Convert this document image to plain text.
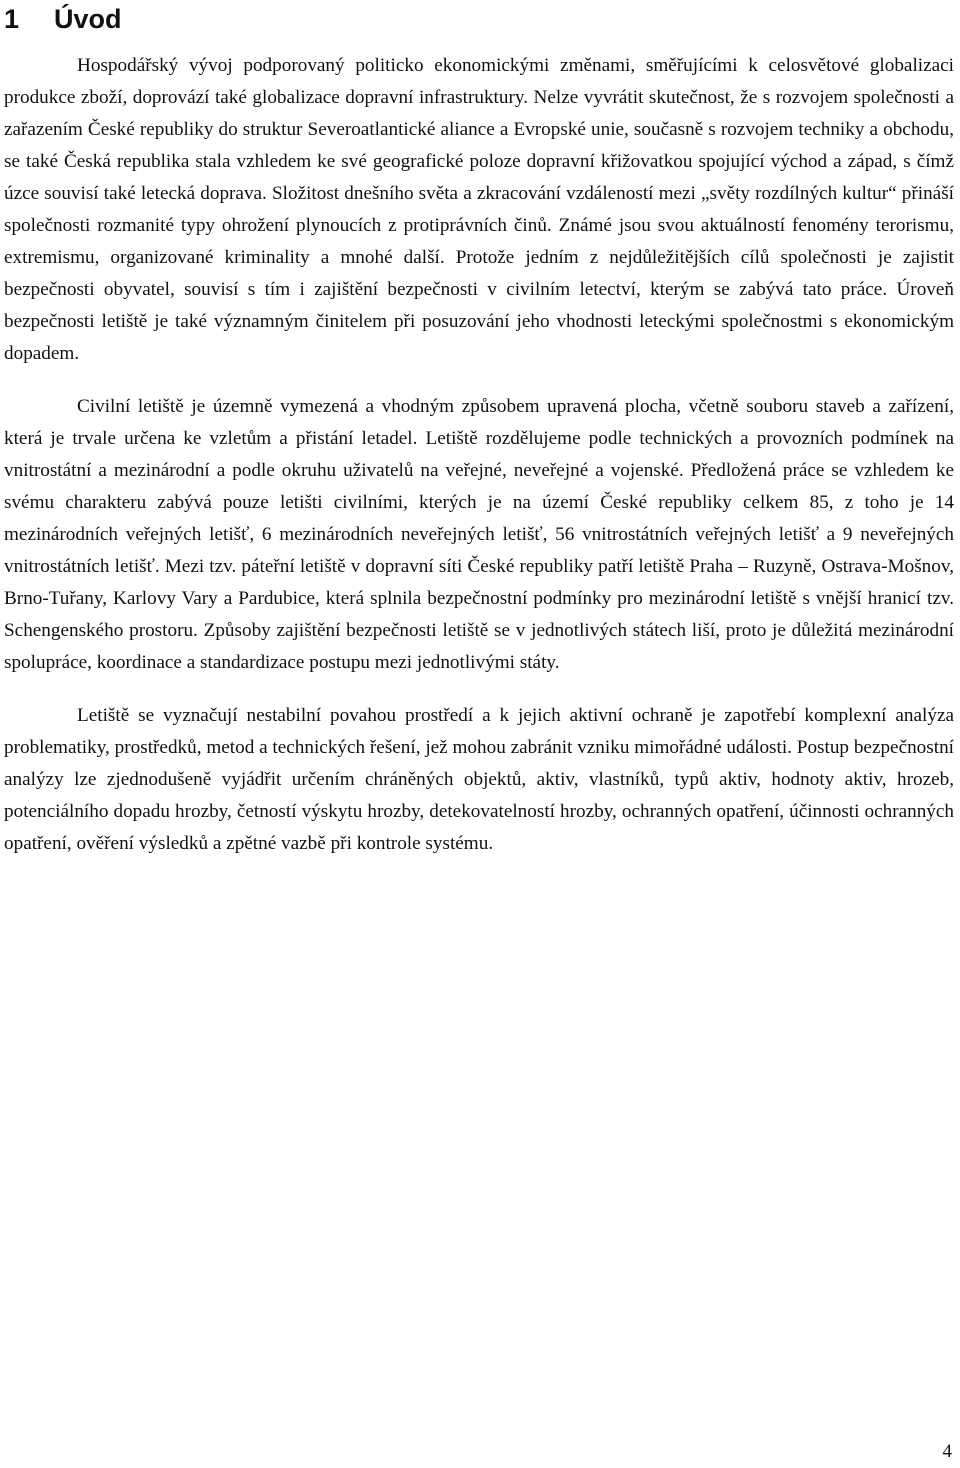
1 Úvod

Hospodářský vývoj podporovaný politicko ekonomickými změnami, směřujícími k celosvětové globalizaci produkce zboží, doprovází také globalizace dopravní infrastruktury. Nelze vyvrátit skutečnost, že s rozvojem společnosti a zařazením České republiky do struktur Severoatlantické aliance a Evropské unie, současně s rozvojem techniky a obchodu, se také Česká republika stala vzhledem ke své geografické poloze dopravní křižovatkou spojující východ a západ, s čímž úzce souvisí také letecká doprava. Složitost dnešního světa a zkracování vzdáleností mezi „světy rozdílných kultur“ přináší společnosti rozmanité typy ohrožení plynoucích z protiprávních činů. Známé jsou svou aktuálností fenomény terorismu, extremismu, organizované kriminality a mnohé další. Protože jedním z nejdůležitějších cílů společnosti je zajistit bezpečnosti obyvatel, souvisí s tím i zajištění bezpečnosti v civilním letectví, kterým se zabývá tato práce. Úroveň bezpečnosti letiště je také významným činitelem při posuzování jeho vhodnosti leteckými společnostmi s ekonomickým dopadem.

Civilní letiště je územně vymezená a vhodným způsobem upravená plocha, včetně souboru staveb a zařízení, která je trvale určena ke vzletům a přistání letadel. Letiště rozdělujeme podle technických a provozních podmínek na vnitrostátní a mezinárodní a podle okruhu uživatelů na veřejné, neveřejné a vojenské. Předložená práce se vzhledem ke svému charakteru zabývá pouze letišti civilními, kterých je na území České republiky celkem 85, z toho je 14 mezinárodních veřejných letišť, 6 mezinárodních neveřejných letišť, 56 vnitrostátních veřejných letišť a 9 neveřejných vnitrostátních letišť. Mezi tzv. páteřní letiště v dopravní síti České republiky patří letiště Praha – Ruzyně, Ostrava-Mošnov, Brno-Tuřany, Karlovy Vary a Pardubice, která splnila bezpečnostní podmínky pro mezinárodní letiště s vnější hranicí tzv. Schengenského prostoru. Způsoby zajištění bezpečnosti letiště se v jednotlivých státech liší, proto je důležitá mezinárodní spolupráce, koordinace a standardizace postupu mezi jednotlivými státy.

Letiště se vyznačují nestabilní povahou prostředí a k jejich aktivní ochraně je zapotřebí komplexní analýza problematiky, prostředků, metod a technických řešení, jež mohou zabránit vzniku mimořádné události. Postup bezpečnostní analýzy lze zjednodušeně vyjádřit určením chráněných objektů, aktiv, vlastníků, typů aktiv, hodnoty aktiv, hrozeb, potenciálního dopadu hrozby, četností výskytu hrozby, detekovatelností hrozby, ochranných opatření, účinnosti ochranných opatření, ověření výsledků a zpětné vazbě při kontrole systému.

4
